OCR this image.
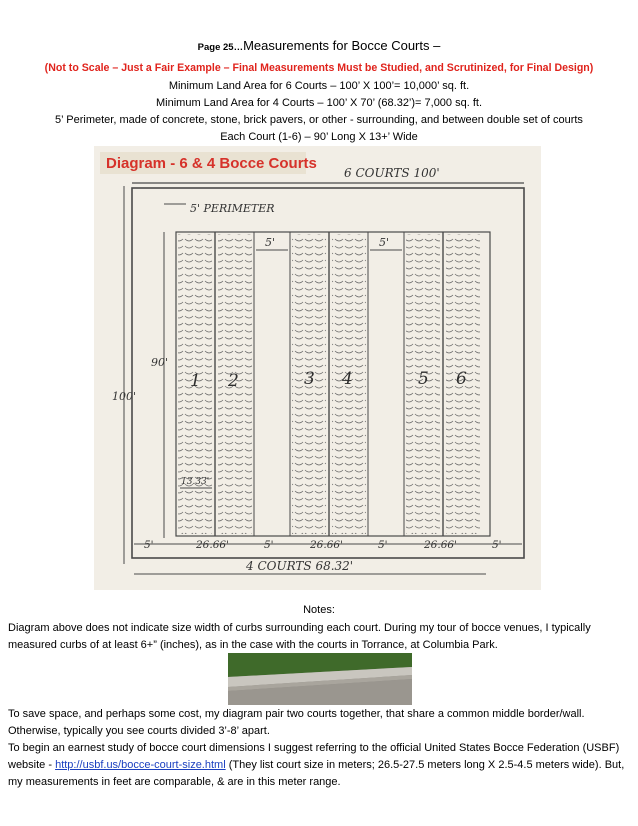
Page 25…Measurements for Bocce Courts –
(Not to Scale – Just a Fair Example – Final Measurements Must be Studied, and Scrutinized, for Final Design)
Minimum Land Area for 6 Courts – 100’ X 100’= 10,000’ sq. ft.
Minimum Land Area for 4 Courts – 100’ X 70’ (68.32’)= 7,000 sq. ft.
5’ Perimeter, made of concrete, stone, brick pavers, or other - surrounding, and between double set of courts
Each Court (1-6) – 90’ Long X 13+’ Wide
Diagram - 6 & 4 Bocce Courts
6 COURTS 100'
100'
5' PERIMETER
90'
5'	5'
1 2	3 4	5 6
13.33'
5'	26.66'	5'	26.66'	5'	26.66'	5'
4 COURTS 68.32'
Notes:
Diagram above does not indicate size width of curbs surrounding each court. During my tour of bocce venues, I typically measured curbs of at least 6+” (inches), as in the case with the courts in Torrance, at Columbia Park.
To save space, and perhaps some cost, my diagram pair two courts together, that share a common middle border/wall. Otherwise, typically you see courts divided 3’-8’ apart.
To begin an earnest study of bocce court dimensions I suggest referring to the official United States Bocce Federation (USBF) website - http://usbf.us/bocce-court-size.html (They list court size in meters; 26.5-27.5 meters long X 2.5-4.5 meters wide). But, my measurements in feet are comparable, & are in this meter range.
